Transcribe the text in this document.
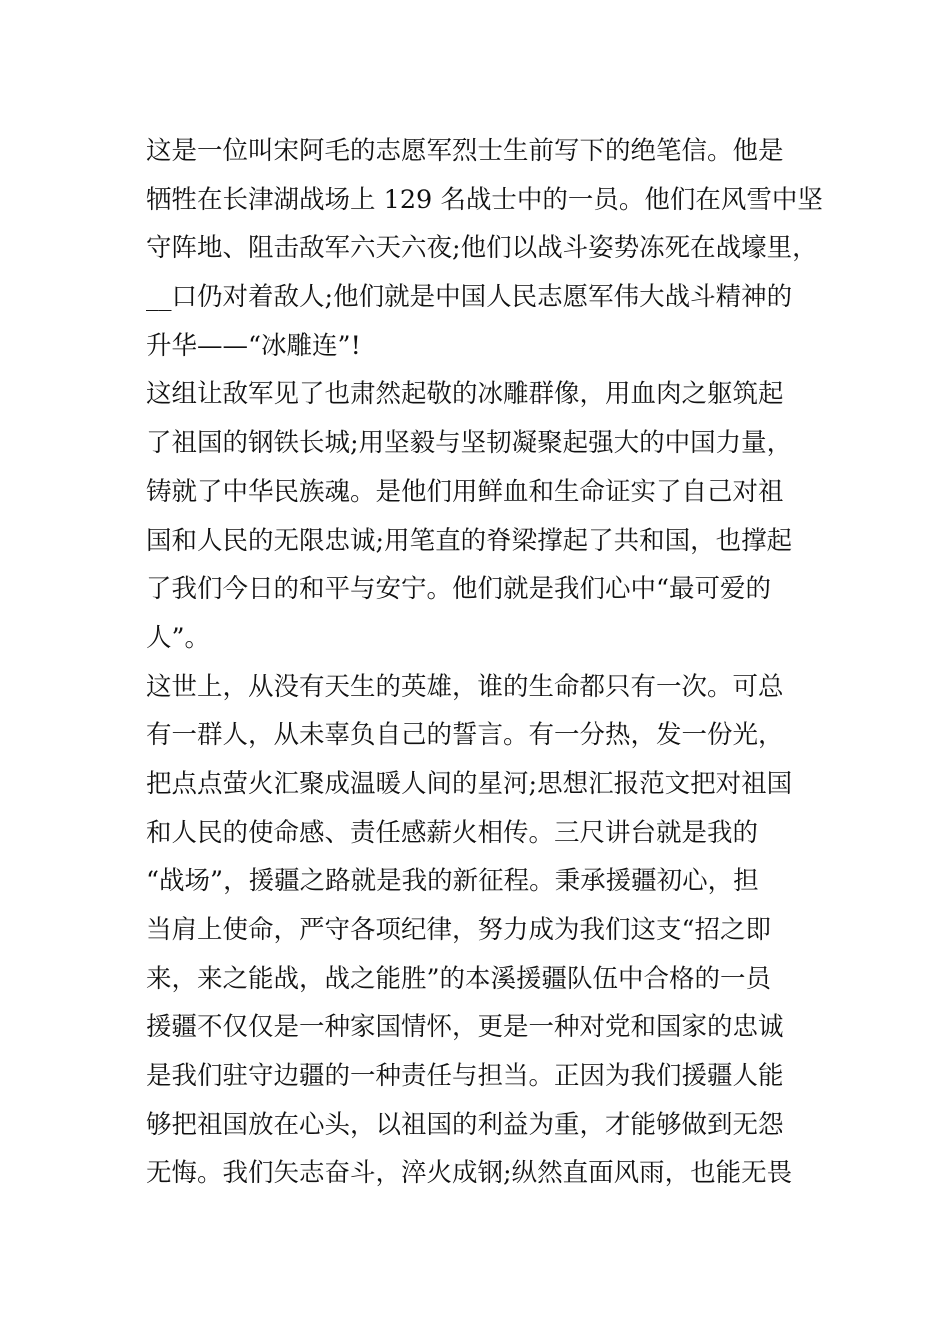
这是一位叫宋阿毛的志愿军烈士生前写下的绝笔信。他是
牺牲在长津湖战场上 129 名战士中的一员。他们在风雪中坚
守阵地、阻击敌军六天六夜;他们以战斗姿势冻死在战壕里，
__口仍对着敌人;他们就是中国人民志愿军伟大战斗精神的
升华——“冰雕连”!
这组让敌军见了也肃然起敬的冰雕群像，用血肉之躯筑起
了祖国的钢铁长城;用坚毅与坚韧凝聚起强大的中国力量，
铸就了中华民族魂。是他们用鲜血和生命证实了自己对祖
国和人民的无限忠诚;用笔直的脊梁撑起了共和国，也撑起
了我们今日的和平与安宁。他们就是我们心中“最可爱的
人”。
这世上，从没有天生的英雄，谁的生命都只有一次。可总
有一群人，从未辜负自己的誓言。有一分热，发一份光，
把点点萤火汇聚成温暖人间的星河;思想汇报范文把对祖国
和人民的使命感、责任感薪火相传。三尺讲台就是我的
“战场”，援疆之路就是我的新征程。秉承援疆初心，担
当肩上使命，严守各项纪律，努力成为我们这支“招之即
来，来之能战，战之能胜”的本溪援疆队伍中合格的一员
援疆不仅仅是一种家国情怀，更是一种对党和国家的忠诚
是我们驻守边疆的一种责任与担当。正因为我们援疆人能
够把祖国放在心头，以祖国的利益为重，才能够做到无怨
无悔。我们矢志奋斗，淬火成钢;纵然直面风雨，也能无畏
